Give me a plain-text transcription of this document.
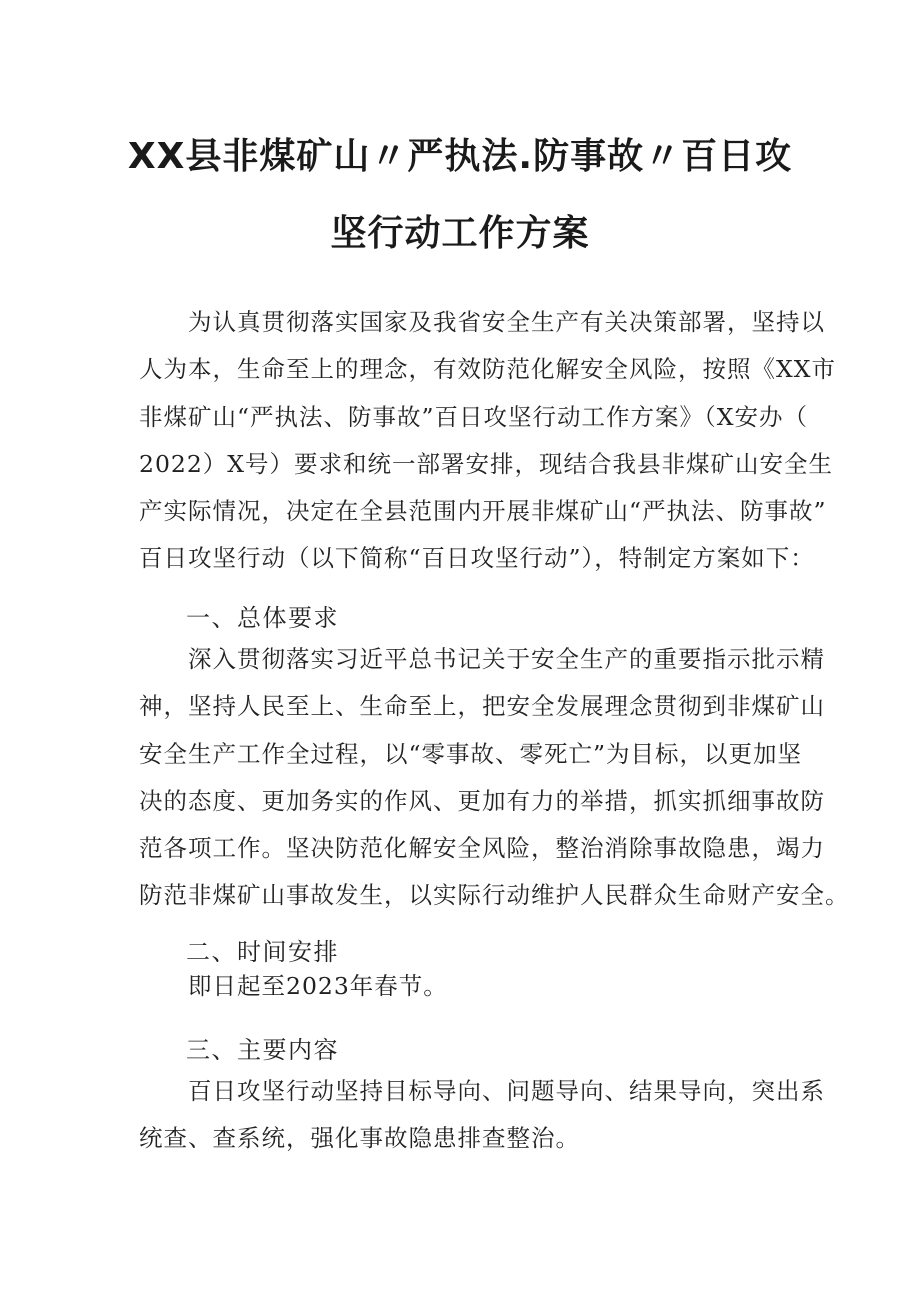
XX县非煤矿山〃严执法.防事故〃百日攻
坚行动工作方案
　　为认真贯彻落实国家及我省安全生产有关决策部署，坚持以
人为本，生命至上的理念，有效防范化解安全风险，按照《XX市
非煤矿山“严执法、防事故”百日攻坚行动工作方案》（X安办（
2022）X号）要求和统一部署安排，现结合我县非煤矿山安全生
产实际情况，决定在全县范围内开展非煤矿山“严执法、防事故”
百日攻坚行动（以下简称“百日攻坚行动”），特制定方案如下：
一、总体要求
　　深入贯彻落实习近平总书记关于安全生产的重要指示批示精
神，坚持人民至上、生命至上，把安全发展理念贯彻到非煤矿山
安全生产工作全过程，以“零事故、零死亡”为目标，以更加坚
决的态度、更加务实的作风、更加有力的举措，抓实抓细事故防
范各项工作。坚决防范化解安全风险，整治消除事故隐患，竭力
防范非煤矿山事故发生，以实际行动维护人民群众生命财产安全。
二、时间安排
　　即日起至2023年春节。
三、主要内容
　　百日攻坚行动坚持目标导向、问题导向、结果导向，突出系
统查、查系统，强化事故隐患排查整治。
